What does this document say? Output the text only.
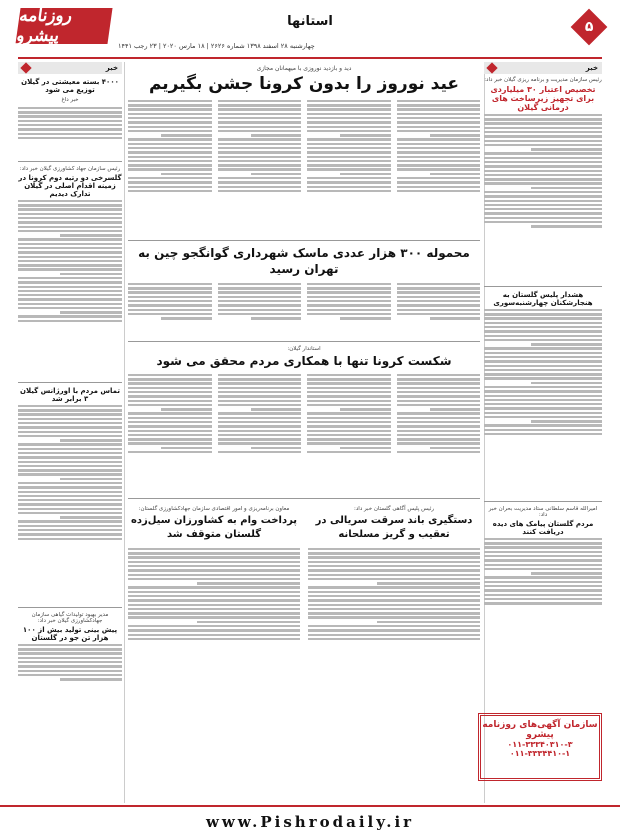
روزنامه پیشرو
استانها
چهارشنبه ۲۸ اسفند ۱۳۹۸ شماره ۲۶۲۶ | ۱۸ مارس ۲۰۲۰ | ۲۳ رجب ۱۴۴۱
۵
خبر
۴۰۰۰ بسته معیشتی در گیلان توزیع می شود
خبر داغ
رئیس سازمان جهاد کشاورزی گیلان خبر داد:
گلسرخی دو رتبه دوم کرونا در زمینه اقدام اصلی در گیلان تدارک دیدیم
تماس مردم با اورژانس گیلان ۳ برابر شد
مدیر بهبود تولیدات گیاهی سازمان جهادکشاورزی گیلان خبر داد:
پیش بینی تولید بیش از ۱۰۰ هزار تن جو در گلستان
خبر
رئیس سازمان مدیریت و برنامه ریزی گیلان خبر داد:
تخصیص اعتبار ۳۰ میلیاردی برای تجهیز زیرساخت های درمانی گیلان
هشدار پلیس گلستان به هنجارشکنان چهارشنبه‌سوری
امیرالله قاسم سلطانی ستاد مدیریت بحران خبر داد:
مردم گلستان پیامک های دیده دریافت کنند
سازمان آگهی‌های روزنامه پیشرو
۰۱۱-۳۳۳۴۰۳۱۰-۳
۰۱۱-۳۳۳۴۴۱۰-۱
دید و بازدید نوروزی با میهمانان مجازی
عید نوروز را بدون کرونا جشن بگیریم
محموله ۳۰۰ هزار عددی ماسک شهرداری گوانگجو چین به تهران رسید
استاندار گیلان:
شکست کرونا تنها با همکاری مردم محقق می شود
رئیس پلیس آگاهی گلستان خبر داد:
دستگیری باند سرقت سریالی در تعقیب و گریز مسلحانه
معاون برنامه‌ریزی و امور اقتصادی سازمان جهادکشاورزی گلستان:
پرداخت وام به کشاورزان سیل‌زده گلستان متوقف شد
www.Pishrodaily.ir
